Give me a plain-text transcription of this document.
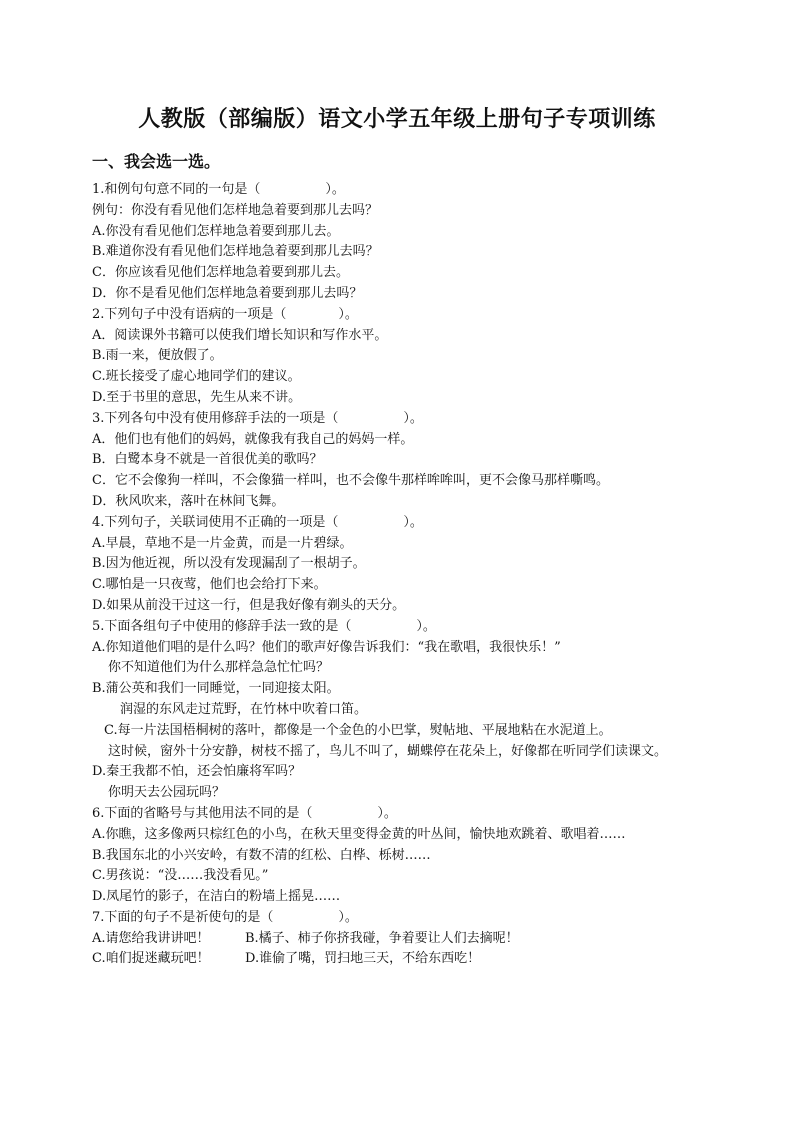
人教版（部编版）语文小学五年级上册句子专项训练
一、我会选一选。
1.和例句句意不同的一句是（　　　　　）。
例句：你没有看见他们怎样地急着要到那儿去吗？
A.你没有看见他们怎样地急着要到那儿去。
B.难道你没有看见他们怎样地急着要到那儿去吗？
C．你应该看见他们怎样地急着要到那儿去。
D．你不是看见他们怎样地急着要到那儿去吗？
2.下列句子中没有语病的一项是（　　　　）。
A．阅读课外书籍可以使我们增长知识和写作水平。
B.雨一来，便放假了。
C.班长接受了虚心地同学们的建议。
D.至于书里的意思，先生从来不讲。
3.下列各句中没有使用修辞手法的一项是（　　　　　）。
A．他们也有他们的妈妈，就像我有我自己的妈妈一样。
B．白鹭本身不就是一首很优美的歌吗？
C．它不会像狗一样叫，不会像猫一样叫，也不会像牛那样哞哞叫，更不会像马那样嘶鸣。
D．秋风吹来，落叶在林间飞舞。
4.下列句子，关联词使用不正确的一项是（　　　　　）。
A.早晨，草地不是一片金黄，而是一片碧绿。
B.因为他近视，所以没有发现漏刮了一根胡子。
C.哪怕是一只夜莺，他们也会给打下来。
D.如果从前没干过这一行，但是我好像有剃头的天分。
5.下面各组句子中使用的修辞手法一致的是（　　　　　）。
A.你知道他们唱的是什么吗？他们的歌声好像告诉我们：“我在歌唱，我很快乐！”
你不知道他们为什么那样急急忙忙吗？
B.蒲公英和我们一同睡觉，一同迎接太阳。
润湿的东风走过荒野，在竹林中吹着口笛。
C.每一片法国梧桐树的落叶，都像是一个金色的小巴掌，熨帖地、平展地粘在水泥道上。
这时候，窗外十分安静，树枝不摇了，鸟儿不叫了，蝴蝶停在花朵上，好像都在听同学们读课文。
D.秦王我都不怕，还会怕廉将军吗？
你明天去公园玩吗？
6.下面的省略号与其他用法不同的是（　　　　　）。
A.你瞧，这多像两只棕红色的小鸟，在秋天里变得金黄的叶丛间，愉快地欢跳着、歌唱着……
B.我国东北的小兴安岭，有数不清的红松、白桦、栎树……
C.男孩说：“没……我没看见。”
D.凤尾竹的影子，在洁白的粉墙上摇晃……
7.下面的句子不是祈使句的是（　　　　　）。
A.请您给我讲讲吧！	B.橘子、柿子你挤我碰，争着要让人们去摘呢！
C.咱们捉迷藏玩吧！	D.谁偷了嘴，罚扫地三天，不给东西吃！
